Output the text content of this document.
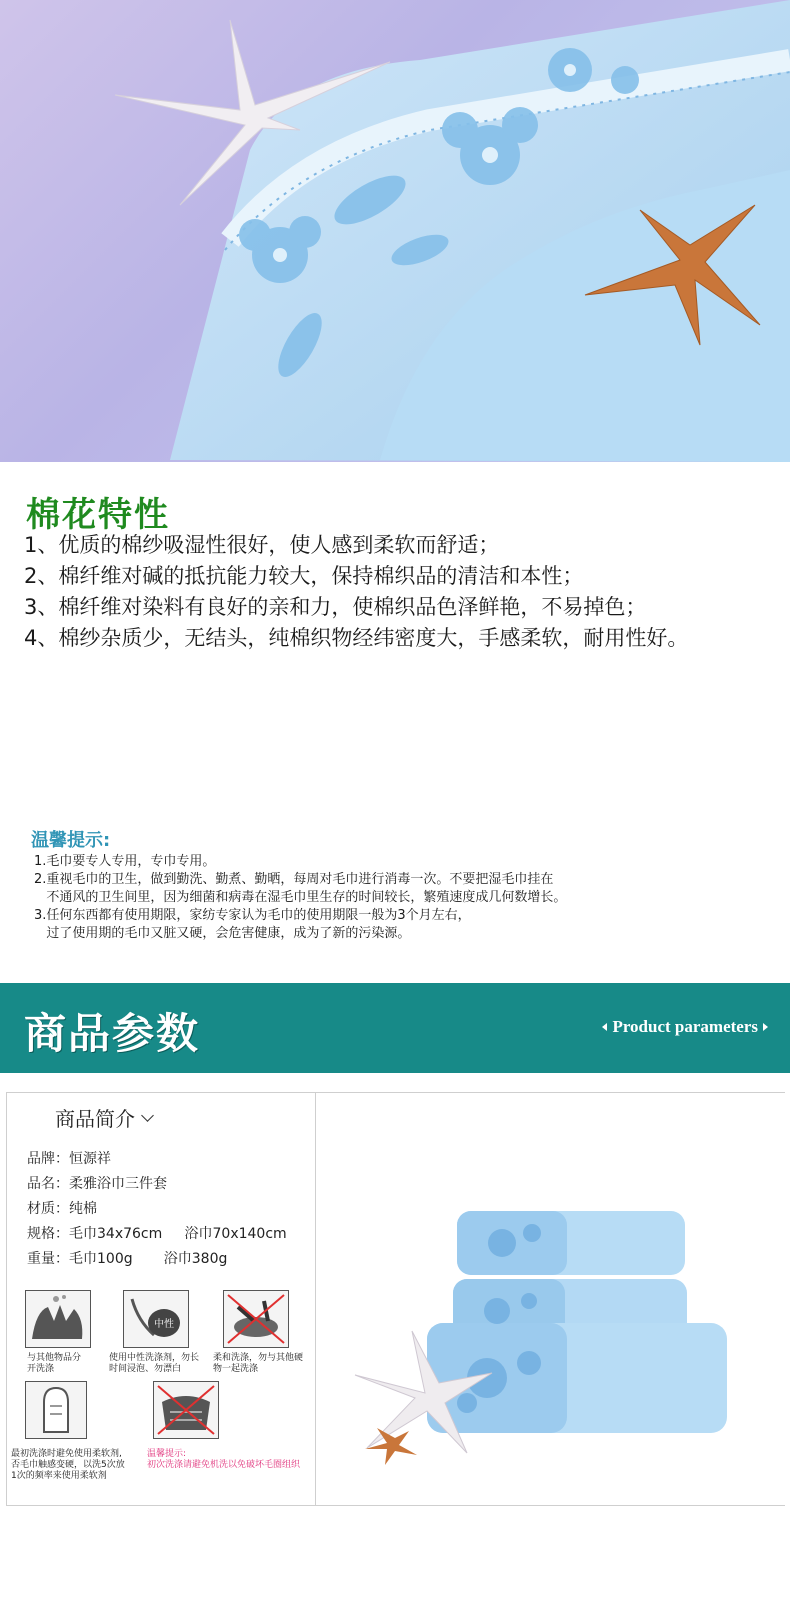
棉花特性
1、优质的棉纱吸湿性很好，使人感到柔软而舒适；
2、棉纤维对碱的抵抗能力较大，保持棉织品的清洁和本性；
3、棉纤维对染料有良好的亲和力，使棉织品色泽鲜艳，不易掉色；
4、棉纱杂质少，无结头，纯棉织物经纬密度大，手感柔软，耐用性好。
温馨提示:
1.毛巾要专人专用，专巾专用。
2.重视毛巾的卫生，做到勤洗、勤煮、勤晒，每周对毛巾进行消毒一次。不要把湿毛巾挂在
不通风的卫生间里，因为细菌和病毒在湿毛巾里生存的时间较长，繁殖速度成几何数增长。
3.任何东西都有使用期限，家纺专家认为毛巾的使用期限一般为3个月左右，
过了使用期的毛巾又脏又硬，会危害健康，成为了新的污染源。
商品参数	Product parameters
商品简介
品牌：恒源祥
品名：柔雅浴巾三件套
材质：纯棉
规格：毛巾34x76cm     浴巾70x140cm
重量：毛巾100g       浴巾380g
与其他物品分
开洗涤
中性
使用中性洗涤剂，勿长
时间浸泡、勿漂白
柔和洗涤，勿与其他硬
物一起洗涤
最初洗涤时避免使用柔软剂,
否毛巾触感变硬，以洗5次放
1次的频率来使用柔软剂
温馨提示:
初次洗涤请避免机洗以免破坏毛圈组织
